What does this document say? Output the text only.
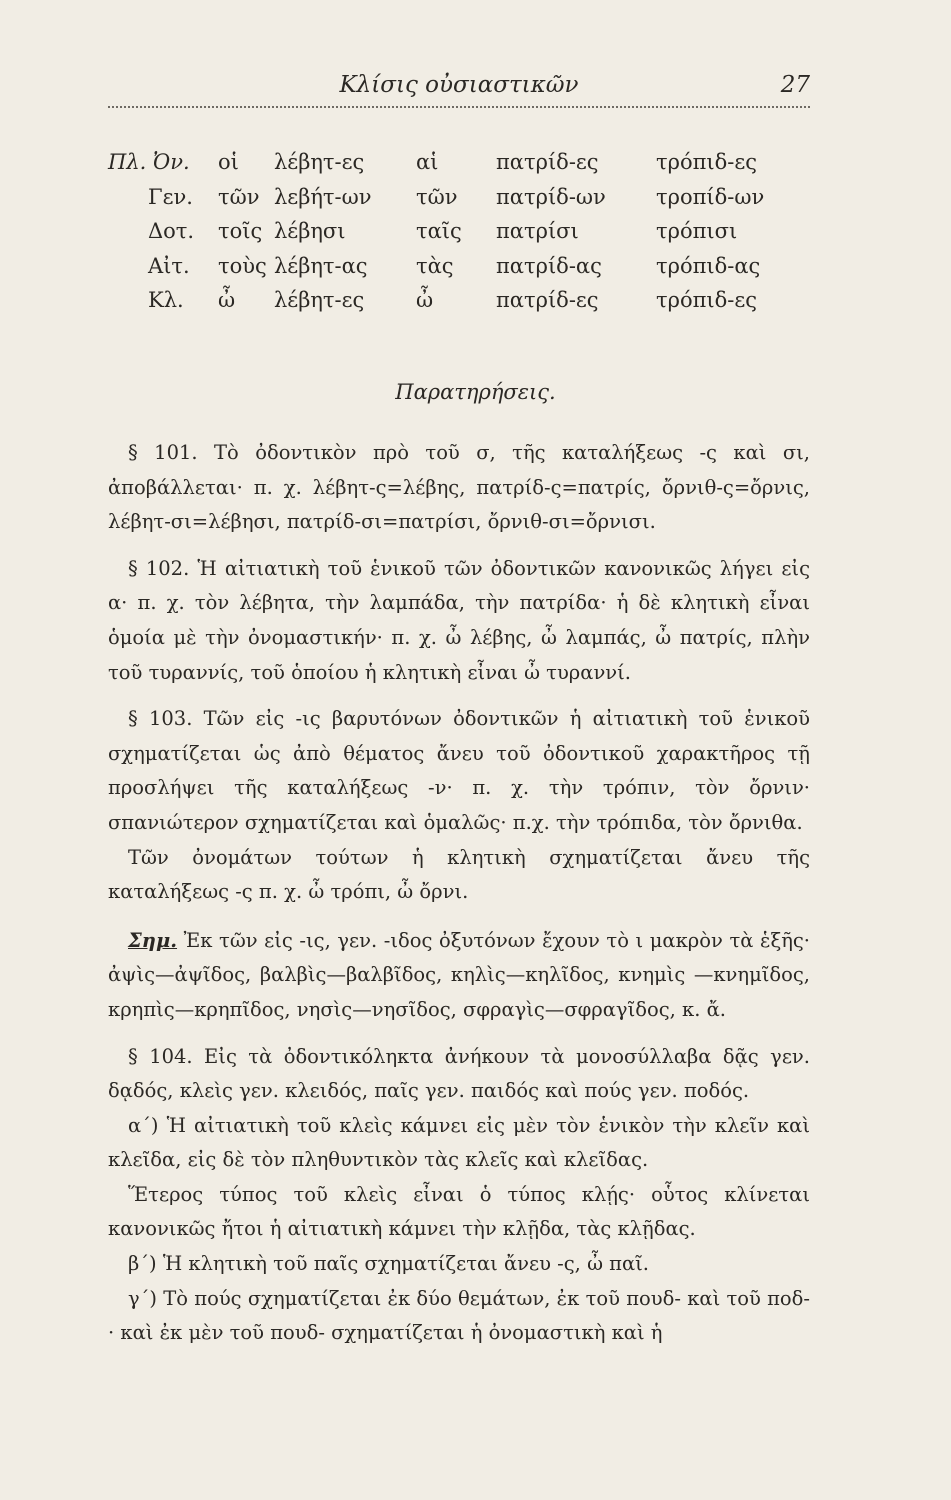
Κλίσις οὐσιαστικῶν	27
Πλ. Ὀν.	οἱ	λέβητ-ες	αἱ	πατρίδ-ες	τρόπιδ-ες
Γεν.	τῶν	λεβήτ-ων	τῶν	πατρίδ-ων	τροπίδ-ων
Δοτ.	τοῖς	λέβησι	ταῖς	πατρίσι	τρόπισι
Αἰτ.	τοὺς	λέβητ-ας	τὰς	πατρίδ-ας	τρόπιδ-ας
Κλ.	ὦ	λέβητ-ες	ὦ	πατρίδ-ες	τρόπιδ-ες
Παρατηρήσεις.

§ 101. Τὸ ὀδοντικὸν πρὸ τοῦ σ, τῆς καταλήξεως -ς καὶ σι, ἀποβάλλεται· π. χ. λέβητ-ς=λέβης, πατρίδ-ς=πατρίς, ὄρνιθ-ς=ὄρνις, λέβητ-σι=λέβησι, πατρίδ-σι=πατρίσι, ὄρνιθ-σι=ὄρνισι.

§ 102. Ἡ αἰτιατικὴ τοῦ ἑνικοῦ τῶν ὀδοντικῶν κανονικῶς λήγει εἰς α· π. χ. τὸν λέβητα, τὴν λαμπάδα, τὴν πατρίδα· ἡ δὲ κλητικὴ εἶναι ὁμοία μὲ τὴν ὀνομαστικήν· π. χ. ὦ λέβης, ὦ λαμπάς, ὦ πατρίς, πλὴν τοῦ τυραννίς, τοῦ ὁποίου ἡ κλητικὴ εἶναι ὦ τυραννί.

§ 103. Τῶν εἰς -ις βαρυτόνων ὀδοντικῶν ἡ αἰτιατικὴ τοῦ ἑνικοῦ σχηματίζεται ὡς ἀπὸ θέματος ἄνευ τοῦ ὀδοντικοῦ χαρακτῆρος τῇ προσλήψει τῆς καταλήξεως -ν· π. χ. τὴν τρόπιν, τὸν ὄρνιν· σπανιώτερον σχηματίζεται καὶ ὁμαλῶς· π.χ. τὴν τρόπιδα, τὸν ὄρνιθα.

Τῶν ὀνομάτων τούτων ἡ κλητικὴ σχηματίζεται ἄνευ τῆς καταλήξεως -ς π. χ. ὦ τρόπι, ὦ ὄρνι.

Σημ. Ἐκ τῶν εἰς -ις, γεν. -ιδος ὀξυτόνων ἔχουν τὸ ι μακρὸν τὰ ἑξῆς· ἀψὶς—ἀψῖδος, βαλβὶς—βαλβῖδος, κηλὶς—κηλῖδος, κνημὶς —κνημῖδος, κρηπὶς—κρηπῖδος, νησὶς—νησῖδος, σφραγὶς—σφραγῖδος, κ. ἄ.

§ 104. Εἰς τὰ ὀδοντικόληκτα ἀνήκουν τὰ μονοσύλλαβα δᾷς γεν. δᾳδός, κλεὶς γεν. κλειδός, παῖς γεν. παιδός καὶ πούς γεν. ποδός.

α΄) Ἡ αἰτιατικὴ τοῦ κλεὶς κάμνει εἰς μὲν τὸν ἑνικὸν τὴν κλεῖν καὶ κλεῖδα, εἰς δὲ τὸν πληθυντικὸν τὰς κλεῖς καὶ κλεῖδας.

Ἕτερος τύπος τοῦ κλεὶς εἶναι ὁ τύπος κλῄς· οὗτος κλίνεται κανονικῶς ἤτοι ἡ αἰτιατικὴ κάμνει τὴν κλῇδα, τὰς κλῇδας.

β΄) Ἡ κλητικὴ τοῦ παῖς σχηματίζεται ἄνευ -ς, ὦ παῖ.

γ΄) Τὸ πούς σχηματίζεται ἐκ δύο θεμάτων, ἐκ τοῦ πουδ- καὶ τοῦ ποδ-· καὶ ἐκ μὲν τοῦ πουδ- σχηματίζεται ἡ ὀνομαστικὴ καὶ ἡ
